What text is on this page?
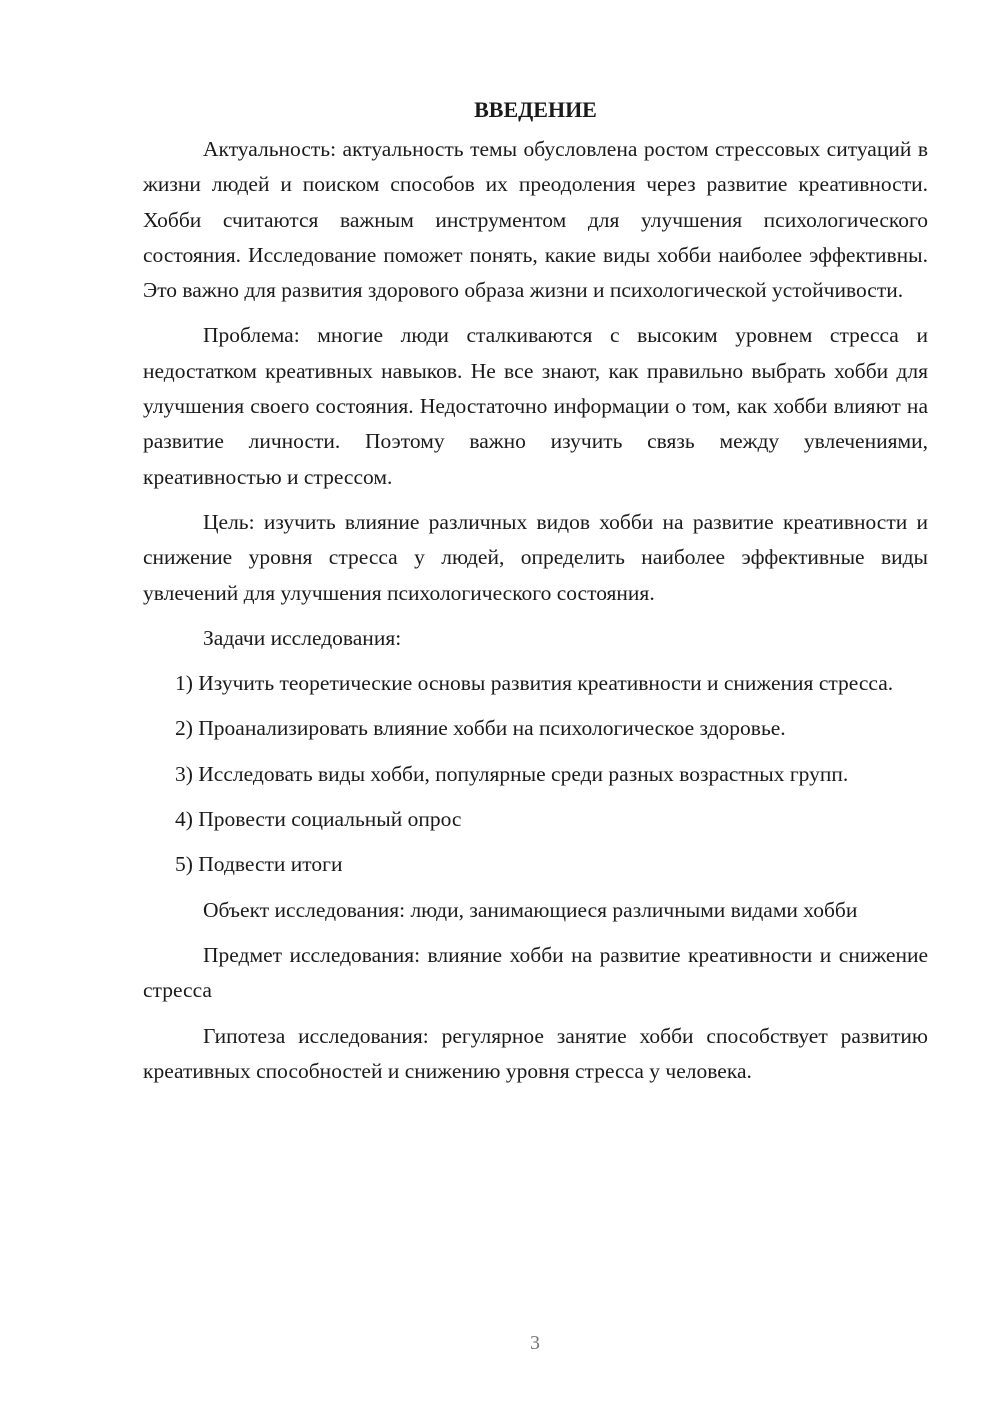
ВВЕДЕНИЕ

Актуальность: актуальность темы обусловлена ростом стрессовых ситуаций в жизни людей и поиском способов их преодоления через развитие креативности. Хобби считаются важным инструментом для улучшения психологического состояния. Исследование поможет понять, какие виды хобби наиболее эффективны. Это важно для развития здорового образа жизни и психологической устойчивости.

Проблема: многие люди сталкиваются с высоким уровнем стресса и недостатком креативных навыков. Не все знают, как правильно выбрать хобби для улучшения своего состояния. Недостаточно информации о том, как хобби влияют на развитие личности. Поэтому важно изучить связь между увлечениями, креативностью и стрессом.

Цель: изучить влияние различных видов хобби на развитие креативности и снижение уровня стресса у людей, определить наиболее эффективные виды увлечений для улучшения психологического состояния.

Задачи исследования:

1) Изучить теоретические основы развития креативности и снижения стресса.

2) Проанализировать влияние хобби на психологическое здоровье.

3) Исследовать виды хобби, популярные среди разных возрастных групп.

4) Провести социальный опрос

5) Подвести итоги

Объект исследования: люди, занимающиеся различными видами хобби

Предмет исследования: влияние хобби на развитие креативности и снижение стресса

Гипотеза исследования: регулярное занятие хобби способствует развитию креативных способностей и снижению уровня стресса у человека.

3
